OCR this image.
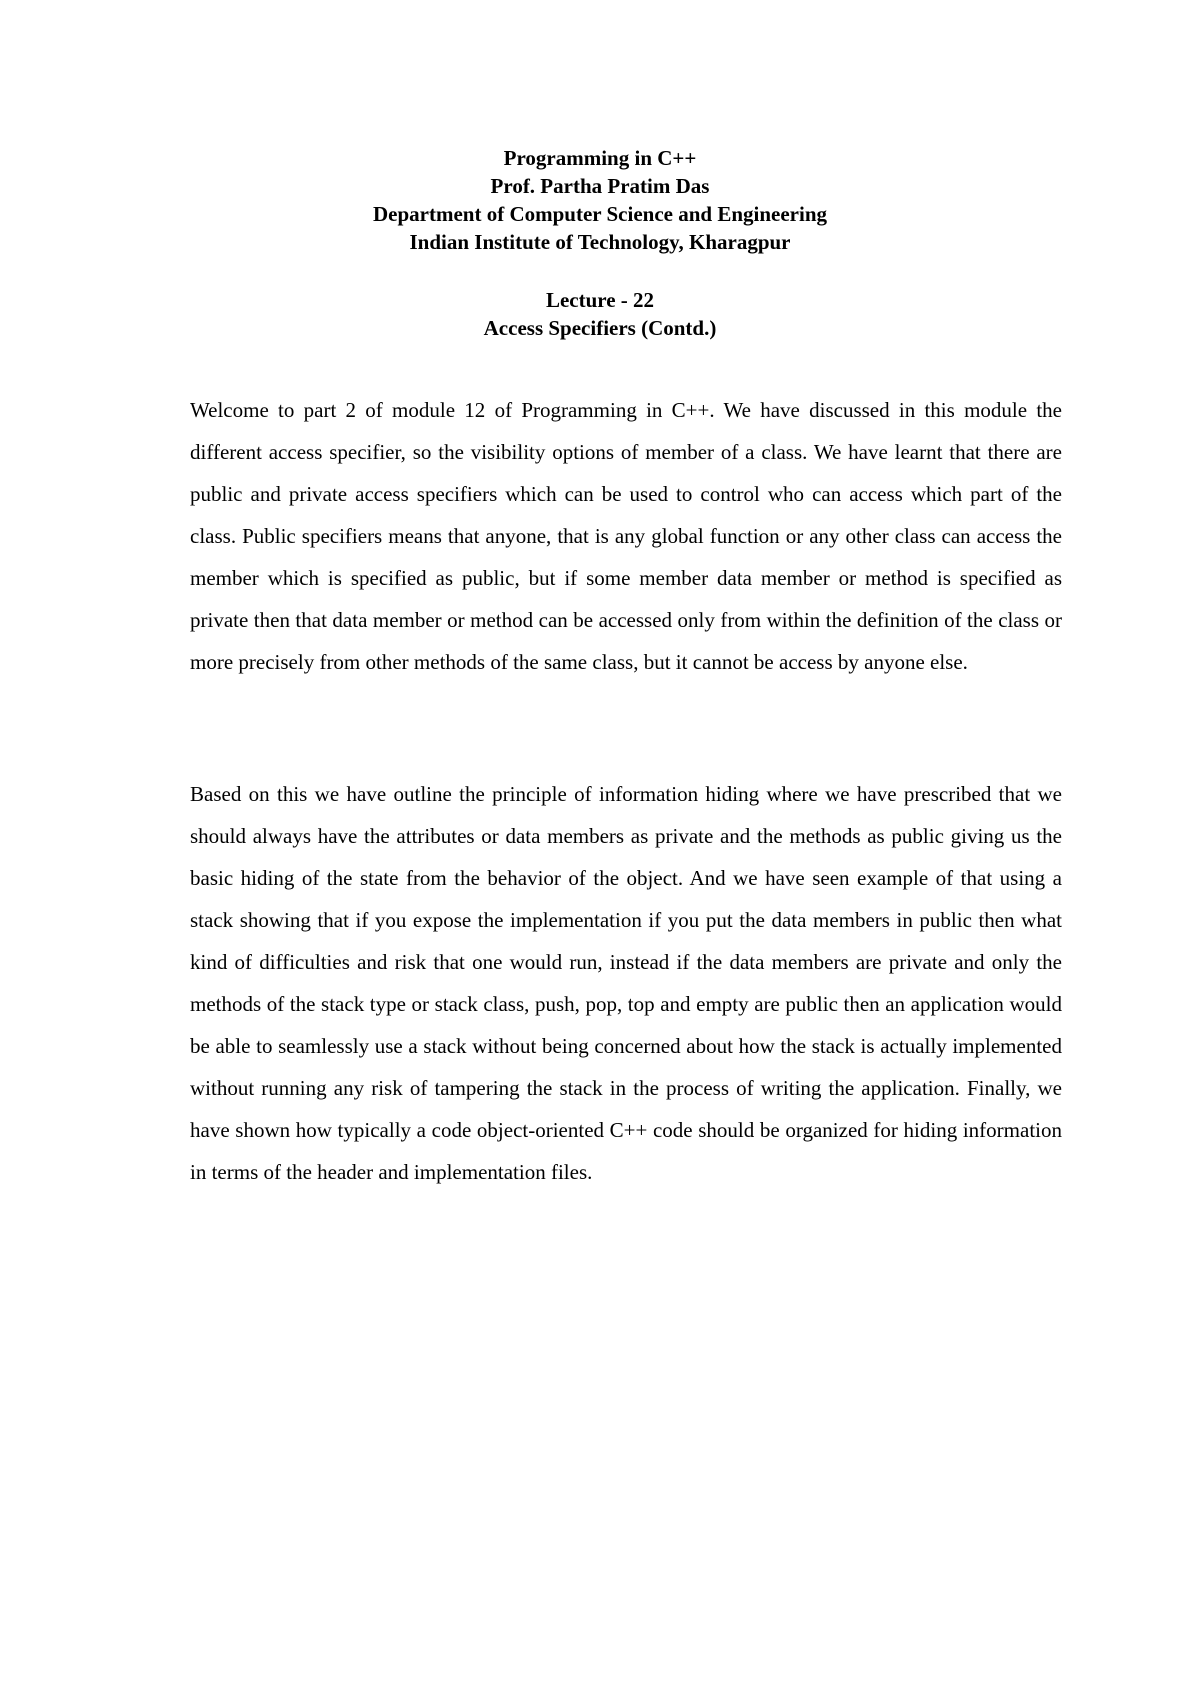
Programming in C++
Prof. Partha Pratim Das
Department of Computer Science and Engineering
Indian Institute of Technology, Kharagpur
Lecture - 22
Access Specifiers (Contd.)

Welcome to part 2 of module 12 of Programming in C++. We have discussed in this module the different access specifier, so the visibility options of member of a class. We have learnt that there are public and private access specifiers which can be used to control who can access which part of the class. Public specifiers means that anyone, that is any global function or any other class can access the member which is specified as public, but if some member data member or method is specified as private then that data member or method can be accessed only from within the definition of the class or more precisely from other methods of the same class, but it cannot be access by anyone else.

Based on this we have outline the principle of information hiding where we have prescribed that we should always have the attributes or data members as private and the methods as public giving us the basic hiding of the state from the behavior of the object. And we have seen example of that using a stack showing that if you expose the implementation if you put the data members in public then what kind of difficulties and risk that one would run, instead if the data members are private and only the methods of the stack type or stack class, push, pop, top and empty are public then an application would be able to seamlessly use a stack without being concerned about how the stack is actually implemented without running any risk of tampering the stack in the process of writing the application. Finally, we have shown how typically a code object-oriented C++ code should be organized for hiding information in terms of the header and implementation files.
